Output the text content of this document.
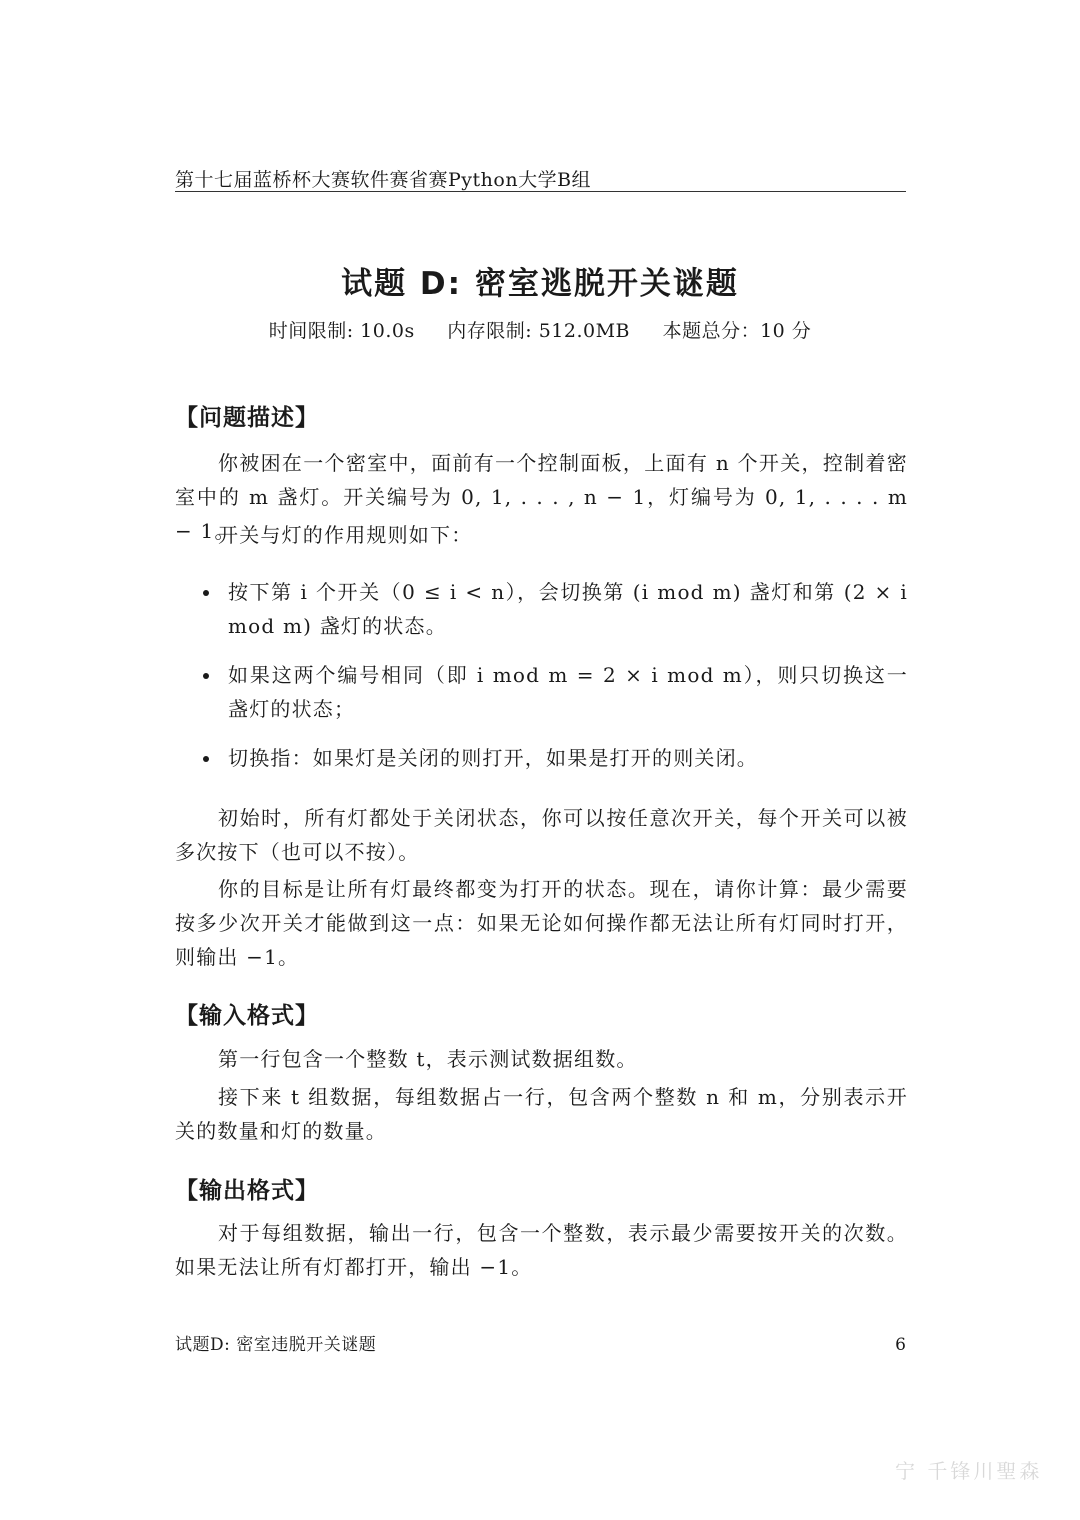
第十七届蓝桥杯大赛软件赛省赛Python大学B组
试题 D: 密室逃脱开关谜题
时间限制: 10.0s 内存限制: 512.0MB 本题总分：10 分
【问题描述】
你被困在一个密室中，面前有一个控制面板，上面有 n 个开关，控制着密室中的 m 盏灯。开关编号为 0, 1, . . . , n − 1，灯编号为 0, 1, . . . . m − 1。
开关与灯的作用规则如下：
按下第 i 个开关（0 ≤ i < n），会切换第 (i mod m) 盏灯和第 (2 × i mod m) 盏灯的状态。
如果这两个编号相同（即 i mod m = 2 × i mod m），则只切换这一盏灯的状态；
切换指：如果灯是关闭的则打开，如果是打开的则关闭。
初始时，所有灯都处于关闭状态，你可以按任意次开关，每个开关可以被多次按下（也可以不按）。
你的目标是让所有灯最终都变为打开的状态。现在，请你计算：最少需要按多少次开关才能做到这一点：如果无论如何操作都无法让所有灯同时打开，则输出 −1。
【输入格式】
第一行包含一个整数 t，表示测试数据组数。
接下来 t 组数据，每组数据占一行，包含两个整数 n 和 m，分别表示开关的数量和灯的数量。
【输出格式】
对于每组数据，输出一行，包含一个整数，表示最少需要按开关的次数。如果无法让所有灯都打开，输出 −1。
试题D: 密室违脱开关谜题	6
宁 千锋川聖森
